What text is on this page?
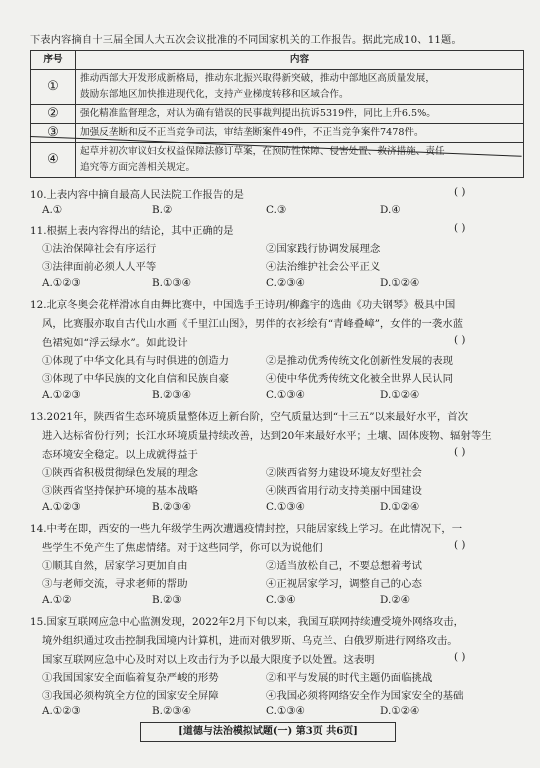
下表内容摘自十三届全国人大五次会议批准的不同国家机关的工作报告。据此完成10、11题。
序号	内容
①	推动西部大开发形成新格局，推动东北振兴取得新突破，推动中部地区高质量发展，
鼓励东部地区加快推进现代化，支持产业梯度转移和区域合作。

②	强化精准监督理念，对认为确有错误的民事裁判提出抗诉5319件，同比上升6.5%。

③	加强反垄断和反不正当竞争司法，审结垄断案件49件，不正当竞争案件7478件。

④	起草并初次审议妇女权益保障法修订草案，在预防性保障、侵害处置、救济措施、责任
追究等方面完善相关规定。
10.上表内容中摘自最高人民法院工作报告的是	( )
A.①	B.②	C.③	D.④
11.根据上表内容得出的结论，其中正确的是	( )
①法治保障社会有序运行	②国家践行协调发展理念
③法律面前必须人人平等	④法治维护社会公平正义
A.①②③	B.①③④	C.②③④	D.①②④
12.北京冬奥会花样滑冰自由舞比赛中，中国选手王诗玥/柳鑫宇的选曲《功夫钢琴》极具中国
风，比赛服亦取自古代山水画《千里江山图》，男伴的衣衫绘有“青峰叠嶂”，女伴的一袭水蓝
色裙宛如“浮云绿水”。如此设计	( )
①体现了中华文化具有与时俱进的创造力	②是推动优秀传统文化创新性发展的表现
③体现了中华民族的文化自信和民族自豪	④使中华优秀传统文化被全世界人民认同
A.①②③	B.②③④	C.①③④	D.①②④
13.2021年，陕西省生态环境质量整体迈上新台阶，空气质量达到“十三五”以来最好水平，首次
进入达标省份行列；长江水环境质量持续改善，达到20年来最好水平；土壤、固体废物、辐射等生
态环境安全稳定。以上成就得益于	( )
①陕西省积极贯彻绿色发展的理念	②陕西省努力建设环境友好型社会
③陕西省坚持保护环境的基本战略	④陕西省用行动支持美丽中国建设
A.①②③	B.②③④	C.①③④	D.①②④
14.中考在即，西安的一些九年级学生两次遭遇疫情封控，只能居家线上学习。在此情况下，一
些学生不免产生了焦虑情绪。对于这些同学，你可以为说他们	( )
①顺其自然，居家学习更加自由	②适当放松自己，不要总想着考试
③与老师交流，寻求老师的帮助	④正视居家学习，调整自己的心态
A.①②	B.②③	C.③④	D.②④
15.国家互联网应急中心监测发现，2022年2月下旬以来，我国互联网持续遭受境外网络攻击，
境外组织通过攻击控制我国境内计算机，进而对俄罗斯、乌克兰、白俄罗斯进行网络攻击。
国家互联网应急中心及时对以上攻击行为予以最大限度予以处置。这表明	( )
①我国国家安全面临着复杂严峻的形势	②和平与发展的时代主题仍面临挑战
③我国必须构筑全方位的国家安全屏障	④我国必须将网络安全作为国家安全的基础
A.①②③	B.②③④	C.①③④	D.①②④
[道德与法治模拟试题(一) 第3页 共6页]
